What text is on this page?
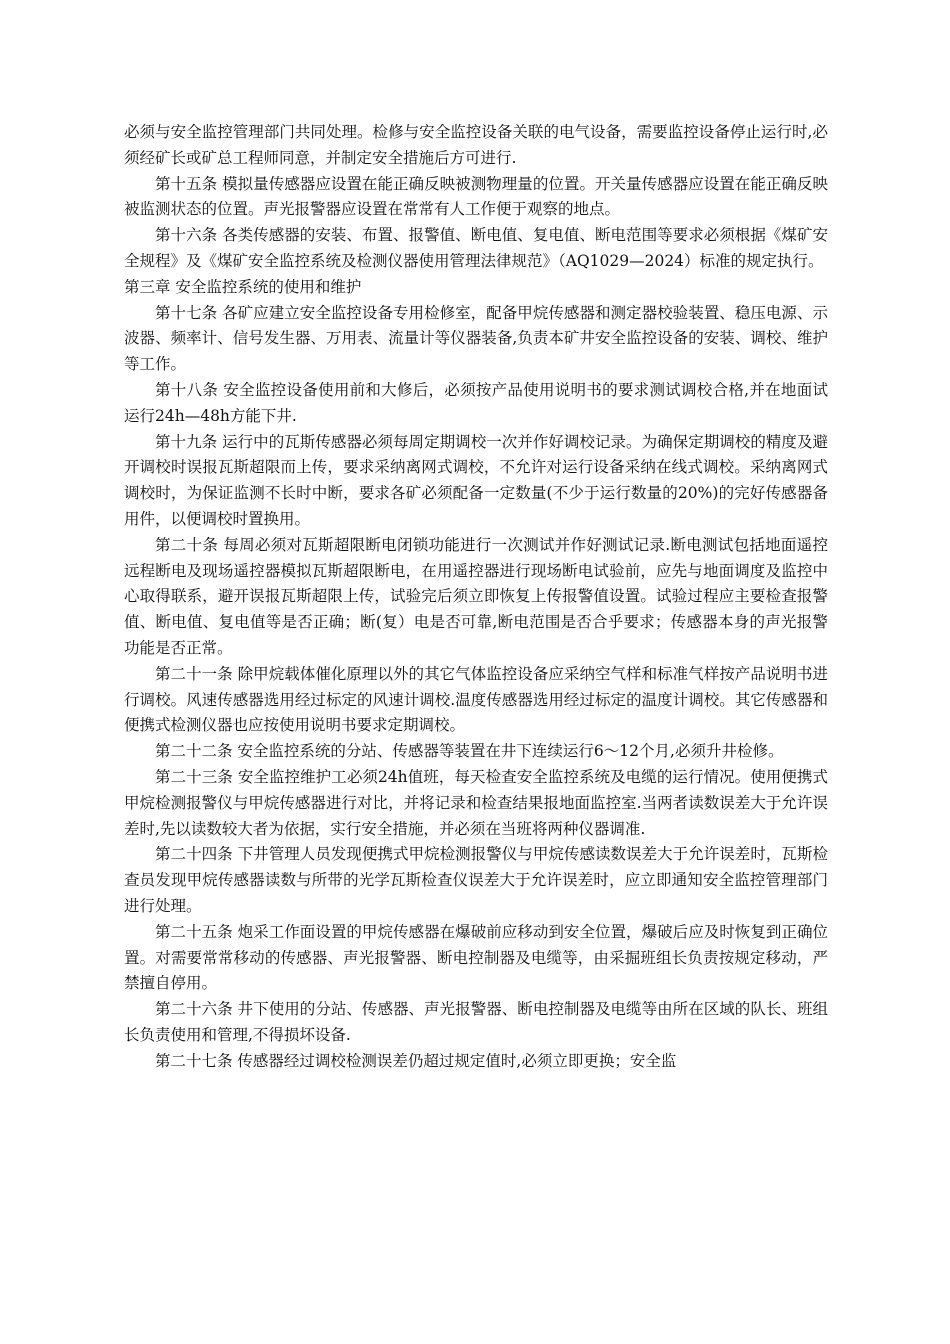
必须与安全监控管理部门共同处理。检修与安全监控设备关联的电气设备，需要监控设备停止运行时,必须经矿长或矿总工程师同意，并制定安全措施后方可进行.

第十五条 模拟量传感器应设置在能正确反映被测物理量的位置。开关量传感器应设置在能正确反映被监测状态的位置。声光报警器应设置在常常有人工作便于观察的地点。

第十六条 各类传感器的安装、布置、报警值、断电值、复电值、断电范围等要求必须根据《煤矿安全规程》及《煤矿安全监控系统及检测仪器使用管理法律规范》（AQ1029—2024）标准的规定执行。

第三章 安全监控系统的使用和维护

第十七条 各矿应建立安全监控设备专用检修室，配备甲烷传感器和测定器校验装置、稳压电源、示波器、频率计、信号发生器、万用表、流量计等仪器装备,负责本矿井安全监控设备的安装、调校、维护等工作。

第十八条 安全监控设备使用前和大修后，必须按产品使用说明书的要求测试调校合格,并在地面试运行24h—48h方能下井.

第十九条 运行中的瓦斯传感器必须每周定期调校一次并作好调校记录。为确保定期调校的精度及避开调校时误报瓦斯超限而上传，要求采纳离网式调校，不允许对运行设备采纳在线式调校。采纳离网式调校时，为保证监测不长时中断，要求各矿必须配备一定数量(不少于运行数量的20%)的完好传感器备用件，以便调校时置换用。

第二十条 每周必须对瓦斯超限断电闭锁功能进行一次测试并作好测试记录.断电测试包括地面遥控远程断电及现场遥控器模拟瓦斯超限断电，在用遥控器进行现场断电试验前，应先与地面调度及监控中心取得联系，避开误报瓦斯超限上传，试验完后须立即恢复上传报警值设置。试验过程应主要检查报警值、断电值、复电值等是否正确；断(复）电是否可靠,断电范围是否合乎要求；传感器本身的声光报警功能是否正常。

第二十一条 除甲烷载体催化原理以外的其它气体监控设备应采纳空气样和标准气样按产品说明书进行调校。风速传感器选用经过标定的风速计调校.温度传感器选用经过标定的温度计调校。其它传感器和便携式检测仪器也应按使用说明书要求定期调校。

第二十二条 安全监控系统的分站、传感器等装置在井下连续运行6～12个月,必须升井检修。

第二十三条 安全监控维护工必须24h值班，每天检查安全监控系统及电缆的运行情况。使用便携式甲烷检测报警仪与甲烷传感器进行对比，并将记录和检查结果报地面监控室.当两者读数误差大于允许误差时,先以读数较大者为依据，实行安全措施，并必须在当班将两种仪器调准.

第二十四条 下井管理人员发现便携式甲烷检测报警仪与甲烷传感读数误差大于允许误差时，瓦斯检查员发现甲烷传感器读数与所带的光学瓦斯检查仪误差大于允许误差时，应立即通知安全监控管理部门进行处理。

第二十五条 炮采工作面设置的甲烷传感器在爆破前应移动到安全位置，爆破后应及时恢复到正确位置。对需要常常移动的传感器、声光报警器、断电控制器及电缆等，由采掘班组长负责按规定移动，严禁擅自停用。

第二十六条 井下使用的分站、传感器、声光报警器、断电控制器及电缆等由所在区域的队长、班组长负责使用和管理,不得损坏设备.

第二十七条 传感器经过调校检测误差仍超过规定值时,必须立即更换；安全监
